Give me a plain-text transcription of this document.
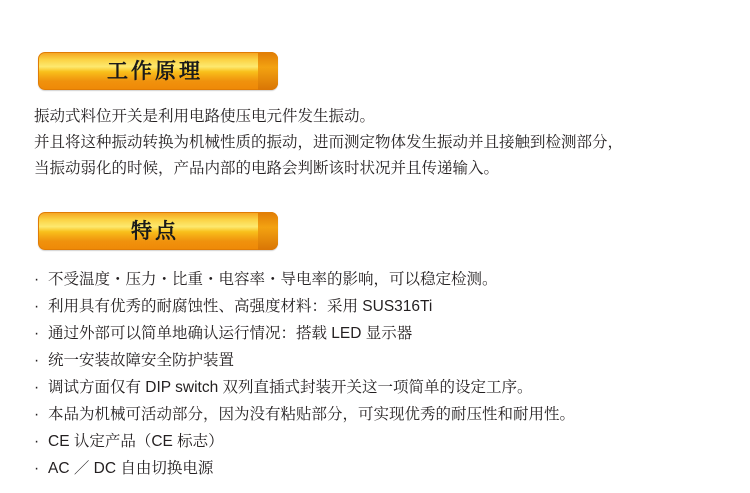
工作原理

振动式料位开关是利用电路使压电元件发生振动。

并且将这种振动转换为机械性质的振动，进而测定物体发生振动并且接触到检测部分，

当振动弱化的时候，产品内部的电路会判断该时状况并且传递输入。

特点
· 不受温度・压力・比重・电容率・导电率的影响，可以稳定检测。
· 利用具有优秀的耐腐蚀性、高强度材料：采用 SUS316Ti
· 通过外部可以简单地确认运行情况：搭载 LED 显示器
· 统一安装故障安全防护装置
· 调试方面仅有 DIP switch 双列直插式封装开关这一项简单的设定工序。
· 本品为机械可活动部分，因为没有粘贴部分，可实现优秀的耐压性和耐用性。
· CE 认定产品（CE 标志）
· AC ／ DC 自由切换电源
